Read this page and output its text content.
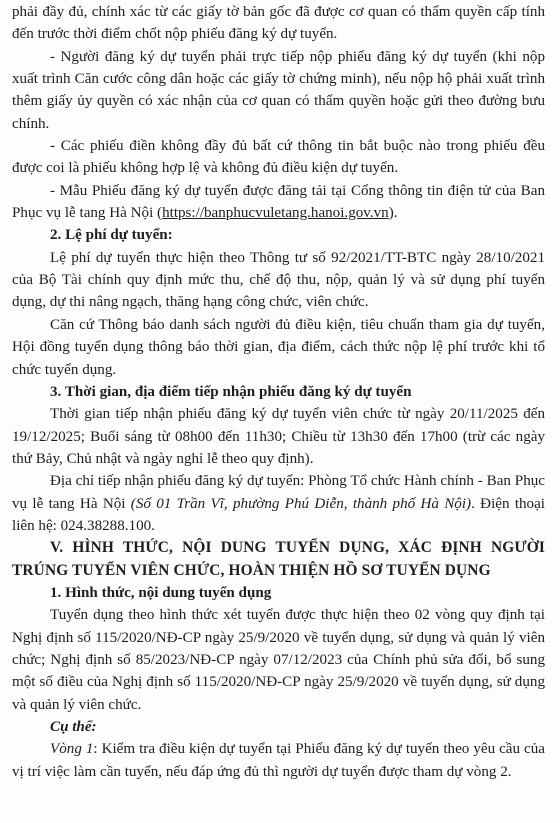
phải đầy đủ, chính xác từ các giấy tờ bản gốc đã được cơ quan có thẩm quyền cấp tính đến trước thời điểm chốt nộp phiếu đăng ký dự tuyển.

- Người đăng ký dự tuyển phải trực tiếp nộp phiếu đăng ký dự tuyển (khi nộp xuất trình Căn cước công dân hoặc các giấy tờ chứng minh), nếu nộp hộ phải xuất trình thêm giấy ủy quyền có xác nhận của cơ quan có thẩm quyền hoặc gửi theo đường bưu chính.

- Các phiếu điền không đầy đủ bất cứ thông tin bắt buộc nào trong phiếu đều được coi là phiếu không hợp lệ và không đủ điều kiện dự tuyển.

- Mẫu Phiếu đăng ký dự tuyển được đăng tải tại Cổng thông tin điện tử của Ban Phục vụ lễ tang Hà Nội (https://banphucvuletang.hanoi.gov.vn).

2. Lệ phí dự tuyển:

Lệ phí dự tuyển thực hiện theo Thông tư số 92/2021/TT-BTC ngày 28/10/2021 của Bộ Tài chính quy định mức thu, chế độ thu, nộp, quản lý và sử dụng phí tuyển dụng, dự thi nâng ngạch, thăng hạng công chức, viên chức.

Căn cứ Thông báo danh sách người đủ điều kiện, tiêu chuẩn tham gia dự tuyển, Hội đồng tuyển dụng thông báo thời gian, địa điểm, cách thức nộp lệ phí trước khi tổ chức tuyển dụng.

3. Thời gian, địa điểm tiếp nhận phiếu đăng ký dự tuyển

Thời gian tiếp nhận phiếu đăng ký dự tuyển viên chức từ ngày 20/11/2025 đến 19/12/2025; Buổi sáng từ 08h00 đến 11h30; Chiều từ 13h30 đến 17h00 (trừ các ngày thứ Bảy, Chủ nhật và ngày nghỉ lễ theo quy định).

Địa chỉ tiếp nhận phiếu đăng ký dự tuyển: Phòng Tổ chức Hành chính - Ban Phục vụ lễ tang Hà Nội (Số 01 Trần Vĩ, phường Phú Diễn, thành phố Hà Nội). Điện thoại liên hệ: 024.38288.100.

V. HÌNH THỨC, NỘI DUNG TUYỂN DỤNG, XÁC ĐỊNH NGƯỜI TRÚNG TUYỂN VIÊN CHỨC, HOÀN THIỆN HỒ SƠ TUYỂN DỤNG

1. Hình thức, nội dung tuyển dụng

Tuyển dụng theo hình thức xét tuyển được thực hiện theo 02 vòng quy định tại Nghị định số 115/2020/NĐ-CP ngày 25/9/2020 về tuyển dụng, sử dụng và quản lý viên chức; Nghị định số 85/2023/NĐ-CP ngày 07/12/2023 của Chính phủ sửa đổi, bổ sung một số điều của Nghị định số 115/2020/NĐ-CP ngày 25/9/2020 về tuyển dụng, sử dụng và quản lý viên chức.

Cụ thể:

Vòng 1: Kiểm tra điều kiện dự tuyển tại Phiếu đăng ký dự tuyển theo yêu cầu của vị trí việc làm cần tuyển, nếu đáp ứng đủ thì người dự tuyển được tham dự vòng 2.
